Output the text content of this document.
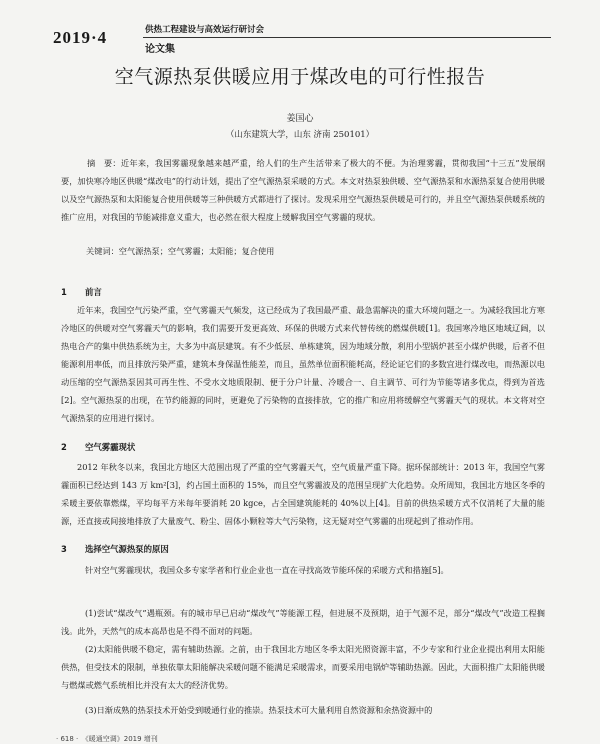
2019·4	供热工程建设与高效运行研讨会
论文集
空气源热泵供暖应用于煤改电的可行性报告
姜国心
（山东建筑大学，山东 济南 250101）
摘　要：近年来，我国雾霾现象越来越严重，给人们的生产生活带来了极大的不便。为治理雾霾，贯彻我国“十三五”发展纲要，加快寒冷地区供暖“煤改电”的行动计划，提出了空气源热泵采暖的方式。本文对热泵独供暖、空气源热泵和水源热泵复合使用供暖以及空气源热泵和太阳能复合使用供暖等三种供暖方式都进行了探讨。发现采用空气源热泵供暖是可行的，并且空气源热泵供暖系统的推广应用，对我国的节能减排意义重大，也必然在很大程度上缓解我国空气雾霾的现状。
关键词：空气源热泵；空气雾霾；太阳能；复合使用
1 前言
近年来，我国空气污染严重，空气雾霾天气频发，这已经成为了我国最严重、最急需解决的重大环境问题之一。为减轻我国北方寒冷地区的供暖对空气雾霾天气的影响，我们需要开发更高效、环保的供暖方式来代替传统的燃煤供暖[1]。我国寒冷地区地域辽阔，以热电合产的集中供热系统为主，大多为中高层建筑。有不少低层、单栋建筑，因为地域分散，利用小型锅炉甚至小煤炉供暖，后者不但能源利用率低，而且排放污染严重，建筑本身保温性能差，而且，虽然单位面积能耗高，经论证它们的多数宜进行煤改电，而热源以电动压缩的空气源热泵因其可再生性、不受水文地质限制、便于分户计量、冷暖合一、自主调节、可行为节能等诸多优点，得到为首选[2]。空气源热泵的出现，在节约能源的同时，更避免了污染物的直接排放，它的推广和应用将缓解空气雾霾天气的现状。本文将对空气源热泵的应用进行探讨。
2 空气雾霾现状
2012 年秋冬以来，我国北方地区大范围出现了严重的空气雾霾天气，空气质量严重下降。据环保部统计：2013 年，我国空气雾霾面积已经达到 143 万 km²[3]，约占国土面积的 15%，而且空气雾霾波及的范围呈现扩大化趋势。众所周知，我国北方地区冬季的采暖主要依靠燃煤，平均每平方米每年要消耗 20 kgce，占全国建筑能耗的 40%以上[4]。目前的供热采暖方式不仅消耗了大量的能源，还直接或间接地排放了大量废气、粉尘、固体小颗粒等大气污染物，这无疑对空气雾霾的出现起到了推动作用。
3 选择空气源热泵的原因
针对空气雾霾现状，我国众多专家学者和行业企业也一直在寻找高效节能环保的采暖方式和措施[5]。
(1)尝试“煤改气”遇瓶颈。有的城市早已启动“煤改气”等能源工程，但进展不及预期，迫于气源不足，部分“煤改气”改造工程搁浅。此外，天然气的成本高昂也是不得不面对的问题。
(2)太阳能供暖不稳定，需有辅助热源。之前，由于我国北方地区冬季太阳光照资源丰富，不少专家和行业企业提出利用太阳能供热，但受技术的限制，单独依靠太阳能解决采暖问题不能满足采暖需求，而要采用电锅炉等辅助热源。因此，大面积推广太阳能供暖与燃煤或燃气系统相比并没有太大的经济优势。
(3)日渐成熟的热泵技术开始受到暖通行业的推崇。热泵技术可大量利用自然资源和余热资源中的
· 618 ·　《暖通空调》2019 增刊
